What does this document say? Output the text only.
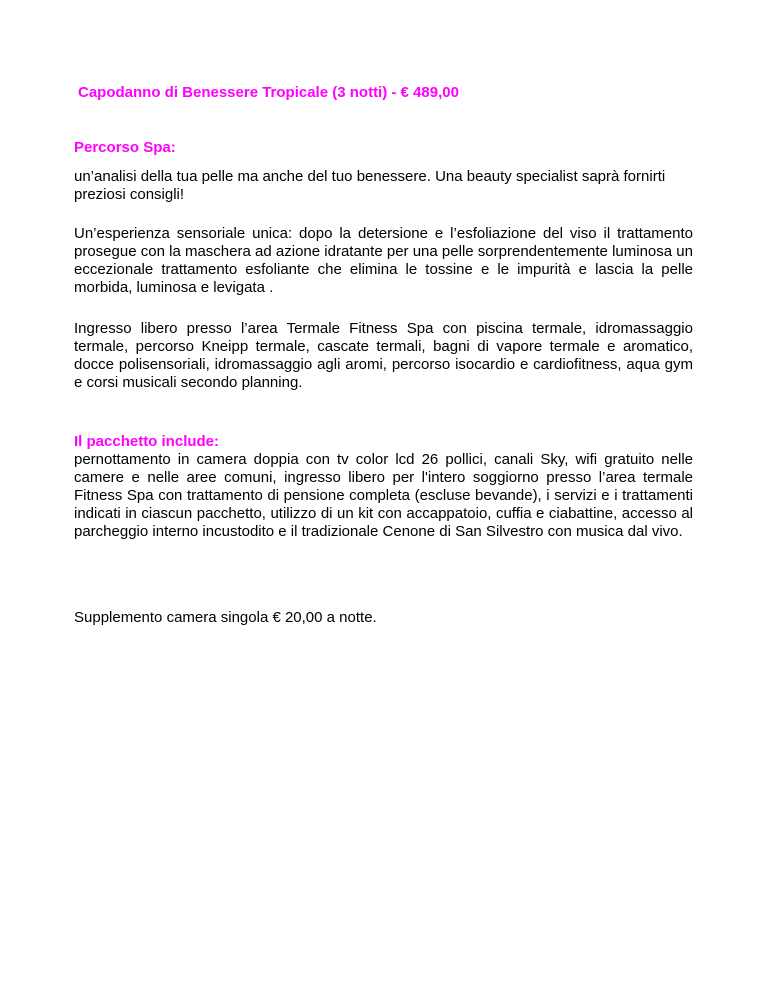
Capodanno di Benessere Tropicale (3 notti) - € 489,00
Percorso Spa:
un’analisi della tua pelle ma anche del tuo benessere. Una beauty specialist saprà fornirti preziosi consigli!
Un’esperienza sensoriale unica: dopo la detersione e l’esfoliazione del viso il trattamento prosegue con la maschera ad azione idratante per una pelle sorprendentemente luminosa un eccezionale trattamento esfoliante che elimina le tossine e le impurità e lascia la pelle morbida, luminosa e levigata .
Ingresso libero presso l’area Termale Fitness Spa con piscina termale, idromassaggio termale, percorso Kneipp termale, cascate termali, bagni di vapore termale e aromatico, docce polisensoriali, idromassaggio agli aromi, percorso isocardio e cardiofitness, aqua gym e corsi musicali secondo planning.
Il pacchetto include:
pernottamento in camera doppia con tv color lcd 26 pollici, canali Sky, wifi gratuito nelle camere e nelle aree comuni, ingresso libero per l'intero soggiorno presso l’area termale Fitness Spa con trattamento di pensione completa (escluse bevande), i servizi e i trattamenti indicati in ciascun pacchetto, utilizzo di un kit con accappatoio, cuffia e ciabattine, accesso al parcheggio interno incustodito e il tradizionale Cenone di San Silvestro con musica dal vivo.
Supplemento camera singola € 20,00 a notte.
